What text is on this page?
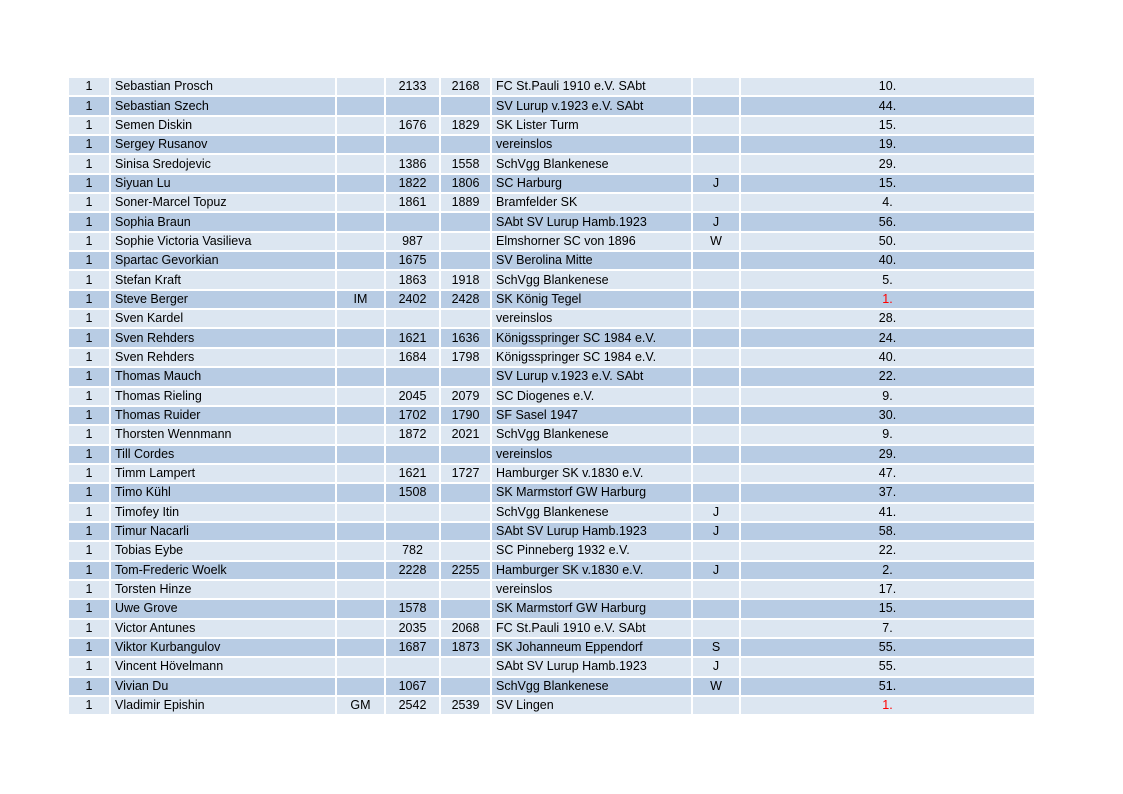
1	Sebastian Prosch		2133	2168	FC St.Pauli 1910 e.V. SAbt		10.
1	Sebastian Szech				SV Lurup v.1923 e.V. SAbt		44.
1	Semen Diskin		1676	1829	SK Lister Turm		15.
1	Sergey Rusanov				vereinslos		19.
1	Sinisa Sredojevic		1386	1558	SchVgg Blankenese		29.
1	Siyuan Lu		1822	1806	SC Harburg	J	15.
1	Soner-Marcel Topuz		1861	1889	Bramfelder SK		4.
1	Sophia Braun				SAbt SV Lurup Hamb.1923	J	56.
1	Sophie Victoria Vasilieva		987		Elmshorner SC von 1896	W	50.
1	Spartac Gevorkian		1675		SV Berolina Mitte		40.
1	Stefan Kraft		1863	1918	SchVgg Blankenese		5.
1	Steve Berger	IM	2402	2428	SK König Tegel		1.
1	Sven Kardel				vereinslos		28.
1	Sven Rehders		1621	1636	Königsspringer SC 1984 e.V.		24.
1	Sven Rehders		1684	1798	Königsspringer SC 1984 e.V.		40.
1	Thomas Mauch				SV Lurup v.1923 e.V. SAbt		22.
1	Thomas Rieling		2045	2079	SC Diogenes e.V.		9.
1	Thomas Ruider		1702	1790	SF Sasel 1947		30.
1	Thorsten Wennmann		1872	2021	SchVgg Blankenese		9.
1	Till Cordes				vereinslos		29.
1	Timm Lampert		1621	1727	Hamburger SK v.1830 e.V.		47.
1	Timo Kühl		1508		SK Marmstorf GW Harburg		37.
1	Timofey Itin				SchVgg Blankenese	J	41.
1	Timur Nacarli				SAbt SV Lurup Hamb.1923	J	58.
1	Tobias Eybe		782		SC Pinneberg 1932 e.V.		22.
1	Tom-Frederic Woelk		2228	2255	Hamburger SK v.1830 e.V.	J	2.
1	Torsten Hinze				vereinslos		17.
1	Uwe Grove		1578		SK Marmstorf GW Harburg		15.
1	Victor Antunes		2035	2068	FC St.Pauli 1910 e.V. SAbt		7.
1	Viktor Kurbangulov		1687	1873	SK Johanneum Eppendorf	S	55.
1	Vincent Hövelmann				SAbt SV Lurup Hamb.1923	J	55.
1	Vivian Du		1067		SchVgg Blankenese	W	51.
1	Vladimir Epishin	GM	2542	2539	SV Lingen		1.
